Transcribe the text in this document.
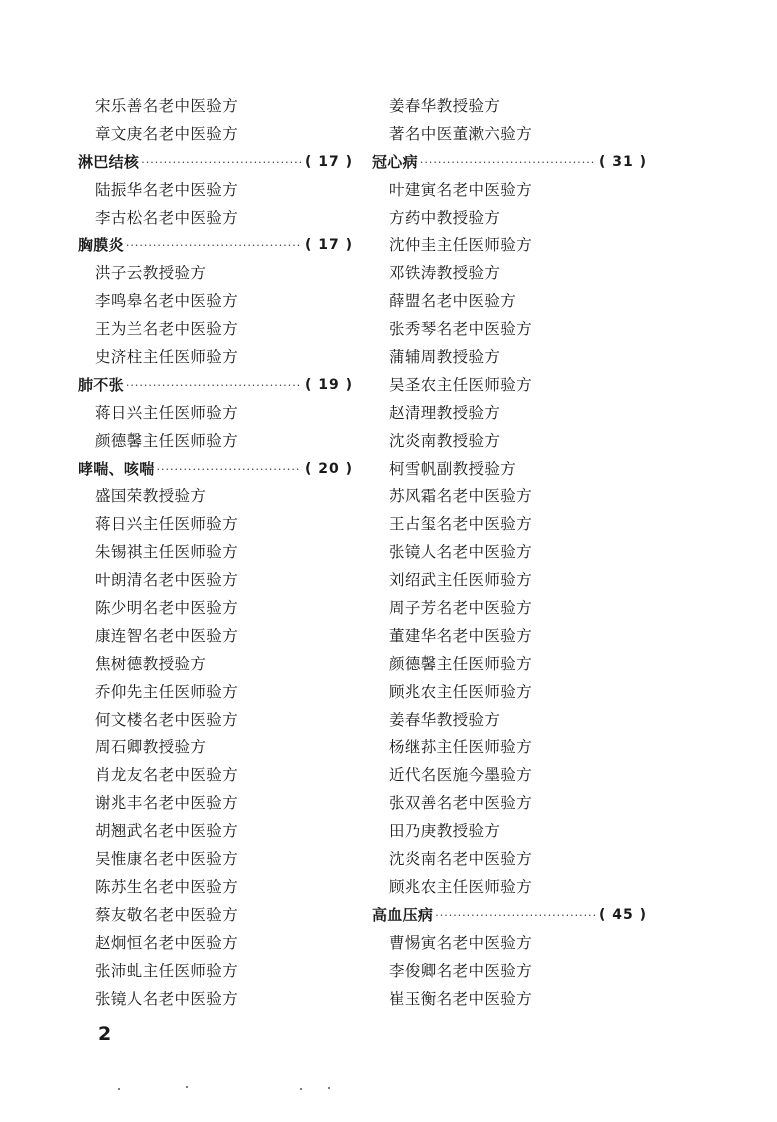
宋乐善名老中医验方
章文庚名老中医验方
淋巴结核 ·····	( 17 )
陆振华名老中医验方
李古松名老中医验方
胸膜炎 ·····	( 17 )
洪子云教授验方
李鸣皋名老中医验方
王为兰名老中医验方
史济柱主任医师验方
肺不张 ·····	( 19 )
蒋日兴主任医师验方
颜德馨主任医师验方
哮喘、咳喘 ·····	( 20 )
盛国荣教授验方
蒋日兴主任医师验方
朱锡祺主任医师验方
叶朗清名老中医验方
陈少明名老中医验方
康连智名老中医验方
焦树德教授验方
乔仰先主任医师验方
何文楼名老中医验方
周石卿教授验方
肖龙友名老中医验方
谢兆丰名老中医验方
胡翘武名老中医验方
吴惟康名老中医验方
陈苏生名老中医验方
蔡友敬名老中医验方
赵炯恒名老中医验方
张沛虬主任医师验方
张镜人名老中医验方
姜春华教授验方
著名中医董漱六验方
冠心病 ·····	( 31 )
叶建寅名老中医验方
方药中教授验方
沈仲圭主任医师验方
邓铁涛教授验方
薛盟名老中医验方
张秀琴名老中医验方
蒲辅周教授验方
吴圣农主任医师验方
赵清理教授验方
沈炎南教授验方
柯雪帆副教授验方
苏风霜名老中医验方
王占玺名老中医验方
张镜人名老中医验方
刘绍武主任医师验方
周子芳名老中医验方
董建华名老中医验方
颜德馨主任医师验方
顾兆农主任医师验方
姜春华教授验方
杨继荪主任医师验方
近代名医施今墨验方
张双善名老中医验方
田乃庚教授验方
沈炎南名老中医验方
顾兆农主任医师验方
高血压病 ·····	( 45 )
曹惕寅名老中医验方
李俊卿名老中医验方
崔玉衡名老中医验方
2
